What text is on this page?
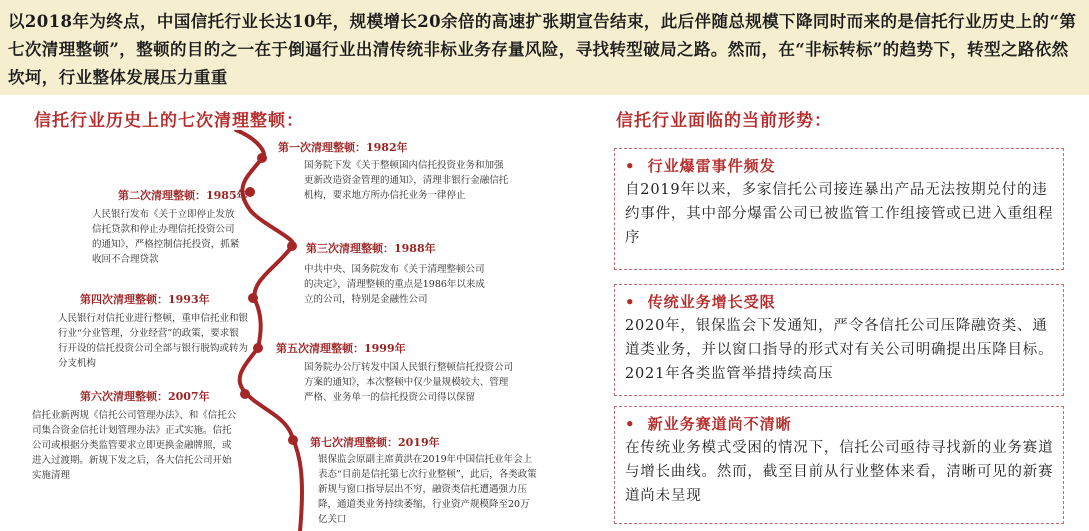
以2018年为终点，中国信托行业长达10年，规模增长20余倍的高速扩张期宣告结束，此后伴随总规模下降同时而来的是信托行业历史上的“第七次清理整顿”，整顿的目的之一在于倒逼行业出清传统非标业务存量风险，寻找转型破局之路。然而，在“非标转标”的趋势下，转型之路依然坎坷，行业整体发展压力重重

信托行业历史上的七次清理整顿：	信托行业面临的当前形势：
第一次清理整顿：1982年
国务院下发《关于整顿国内信托投资业务和加强更新改造资金管理的通知》，清理非银行金融信托机构，要求地方所办信托业务一律停止
第二次清理整顿：1985年
人民银行发布《关于立即停止发放信托贷款和停止办理信托投资公司的通知》，严格控制信托投资，抓紧收回不合理贷款
第三次清理整顿：1988年
中共中央、国务院发布《关于清理整顿公司的决定》，清理整顿的重点是1986年以来成立的公司，特别是金融性公司
第四次清理整顿：1993年
人民银行对信托业进行整顿，重申信托业和银行业“分业管理，分业经营”的政策，要求银行开设的信托投资公司全部与银行脱钩或转为分支机构
第五次清理整顿：1999年
国务院办公厅转发中国人民银行整顿信托投资公司方案的通知》，本次整顿中仅少量规模较大、管理严格、业务单一的信托投资公司得以保留
第六次清理整顿：2007年
信托业新两规《信托公司管理办法》、和《信托公司集合资金信托计划管理办法》正式实施。信托公司或根据分类监管要求立即更换金融牌照，或进入过渡期。新规下发之后，各大信托公司开始实施清理
第七次清理整顿：2019年
银保监会原副主席黄洪在2019年中国信托业年会上表态“目前是信托第七次行业整顿”，此后，各类政策新规与窗口指导层出不穷，融资类信托遭遇强力压降，通道类业务持续萎缩，行业资产规模降至20万亿关口
• 行业爆雷事件频发
自2019年以来，多家信托公司接连暴出产品无法按期兑付的违约事件，其中部分爆雷公司已被监管工作组接管或已进入重组程序
• 传统业务增长受限
2020年，银保监会下发通知，严令各信托公司压降融资类、通道类业务，并以窗口指导的形式对有关公司明确提出压降目标。2021年各类监管举措持续高压
• 新业务赛道尚不清晰
在传统业务模式受困的情况下，信托公司亟待寻找新的业务赛道与增长曲线。然而，截至目前从行业整体来看，清晰可见的新赛道尚未呈现
